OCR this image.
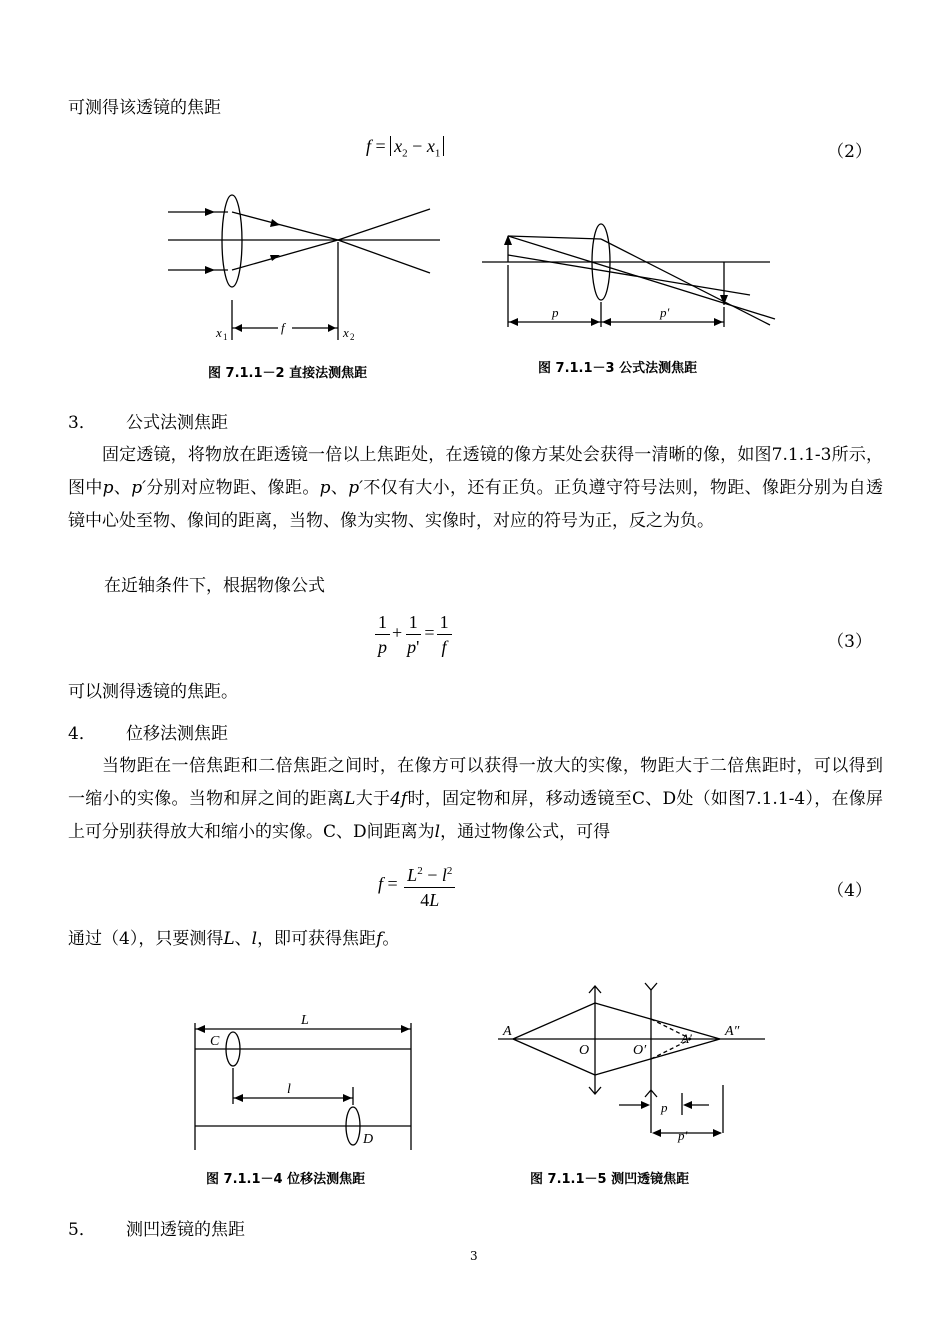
可测得该透镜的焦距
$f = x_2 - x_1$	（2）
x 1
f	x 2
图 7.1.1－2 直接法测焦距
p	p′
图 7.1.1－3 公式法测焦距
3． 公式法测焦距
固定透镜，将物放在距透镜一倍以上焦距处，在透镜的像方某处会获得一清晰的像，如图7.1.1-3所示，图中p、p′分别对应物距、像距。p、p′不仅有大小，还有正负。正负遵守符号法则，物距、像距分别为自透镜中心处至物、像间的距离，当物、像为实物、实像时，对应的符号为正，反之为负。
在近轴条件下，根据物像公式
$\frac{1}{p} + \frac{1}{p'} = \frac{1}{f}$	（3）
可以测得透镜的焦距。
4． 位移法测焦距
当物距在一倍焦距和二倍焦距之间时，在像方可以获得一放大的实像，物距大于二倍焦距时，可以得到一缩小的实像。当物和屏之间的距离L大于4f时，固定物和屏，移动透镜至C、D处（如图7.1.1-4），在像屏上可分别获得放大和缩小的实像。C、D间距离为l，通过物像公式，可得
$f = \frac{L^2 - l^2}{4L}$	（4）
通过（4），只要测得L、l，即可获得焦距f。
L
C
l
D
图 7.1.1－4 位移法测焦距
A
O	O′
A′ A″
p
p′
图 7.1.1－5 测凹透镜焦距
5． 测凹透镜的焦距
3
